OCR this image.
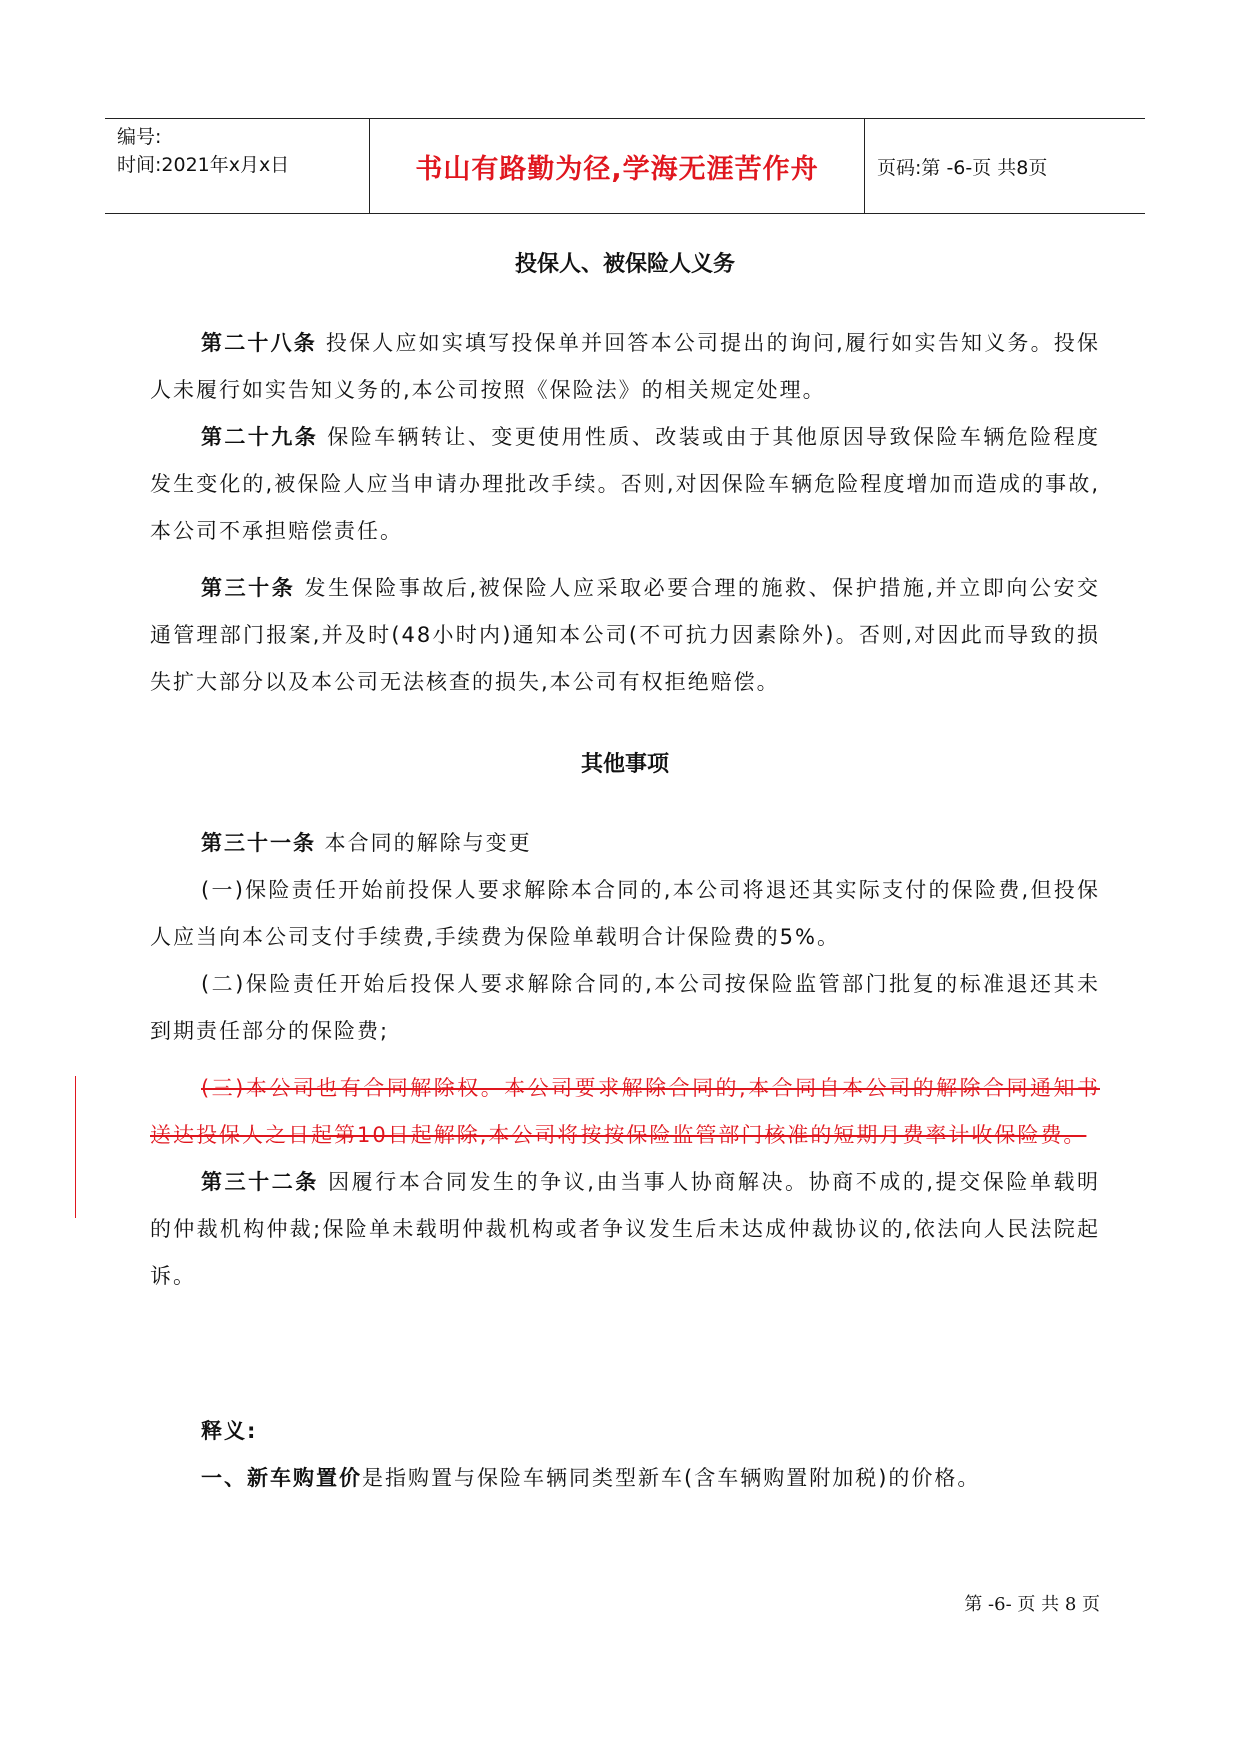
编号:
时间:2021年x月x日	书山有路勤为径,学海无涯苦作舟	页码:第 -6-页 共8页
投保人、被保险人义务

第二十八条 投保人应如实填写投保单并回答本公司提出的询问,履行如实告知义务。投保人未履行如实告知义务的,本公司按照《保险法》的相关规定处理。

第二十九条 保险车辆转让、变更使用性质、改装或由于其他原因导致保险车辆危险程度发生变化的,被保险人应当申请办理批改手续。否则,对因保险车辆危险程度增加而造成的事故,本公司不承担赔偿责任。

第三十条 发生保险事故后,被保险人应采取必要合理的施救、保护措施,并立即向公安交通管理部门报案,并及时(48小时内)通知本公司(不可抗力因素除外)。否则,对因此而导致的损失扩大部分以及本公司无法核查的损失,本公司有权拒绝赔偿。

其他事项

第三十一条 本合同的解除与变更

(一)保险责任开始前投保人要求解除本合同的,本公司将退还其实际支付的保险费,但投保人应当向本公司支付手续费,手续费为保险单载明合计保险费的5%。

(二)保险责任开始后投保人要求解除合同的,本公司按保险监管部门批复的标准退还其未到期责任部分的保险费;

(三)本公司也有合同解除权。本公司要求解除合同的,本合同自本公司的解除合同通知书送达投保人之日起第10日起解除,本公司将按按保险监管部门核准的短期月费率计收保险费。

第三十二条 因履行本合同发生的争议,由当事人协商解决。协商不成的,提交保险单载明的仲裁机构仲裁;保险单未载明仲裁机构或者争议发生后未达成仲裁协议的,依法向人民法院起诉。

释义:

一、新车购置价是指购置与保险车辆同类型新车(含车辆购置附加税)的价格。

第 -6- 页 共 8 页
